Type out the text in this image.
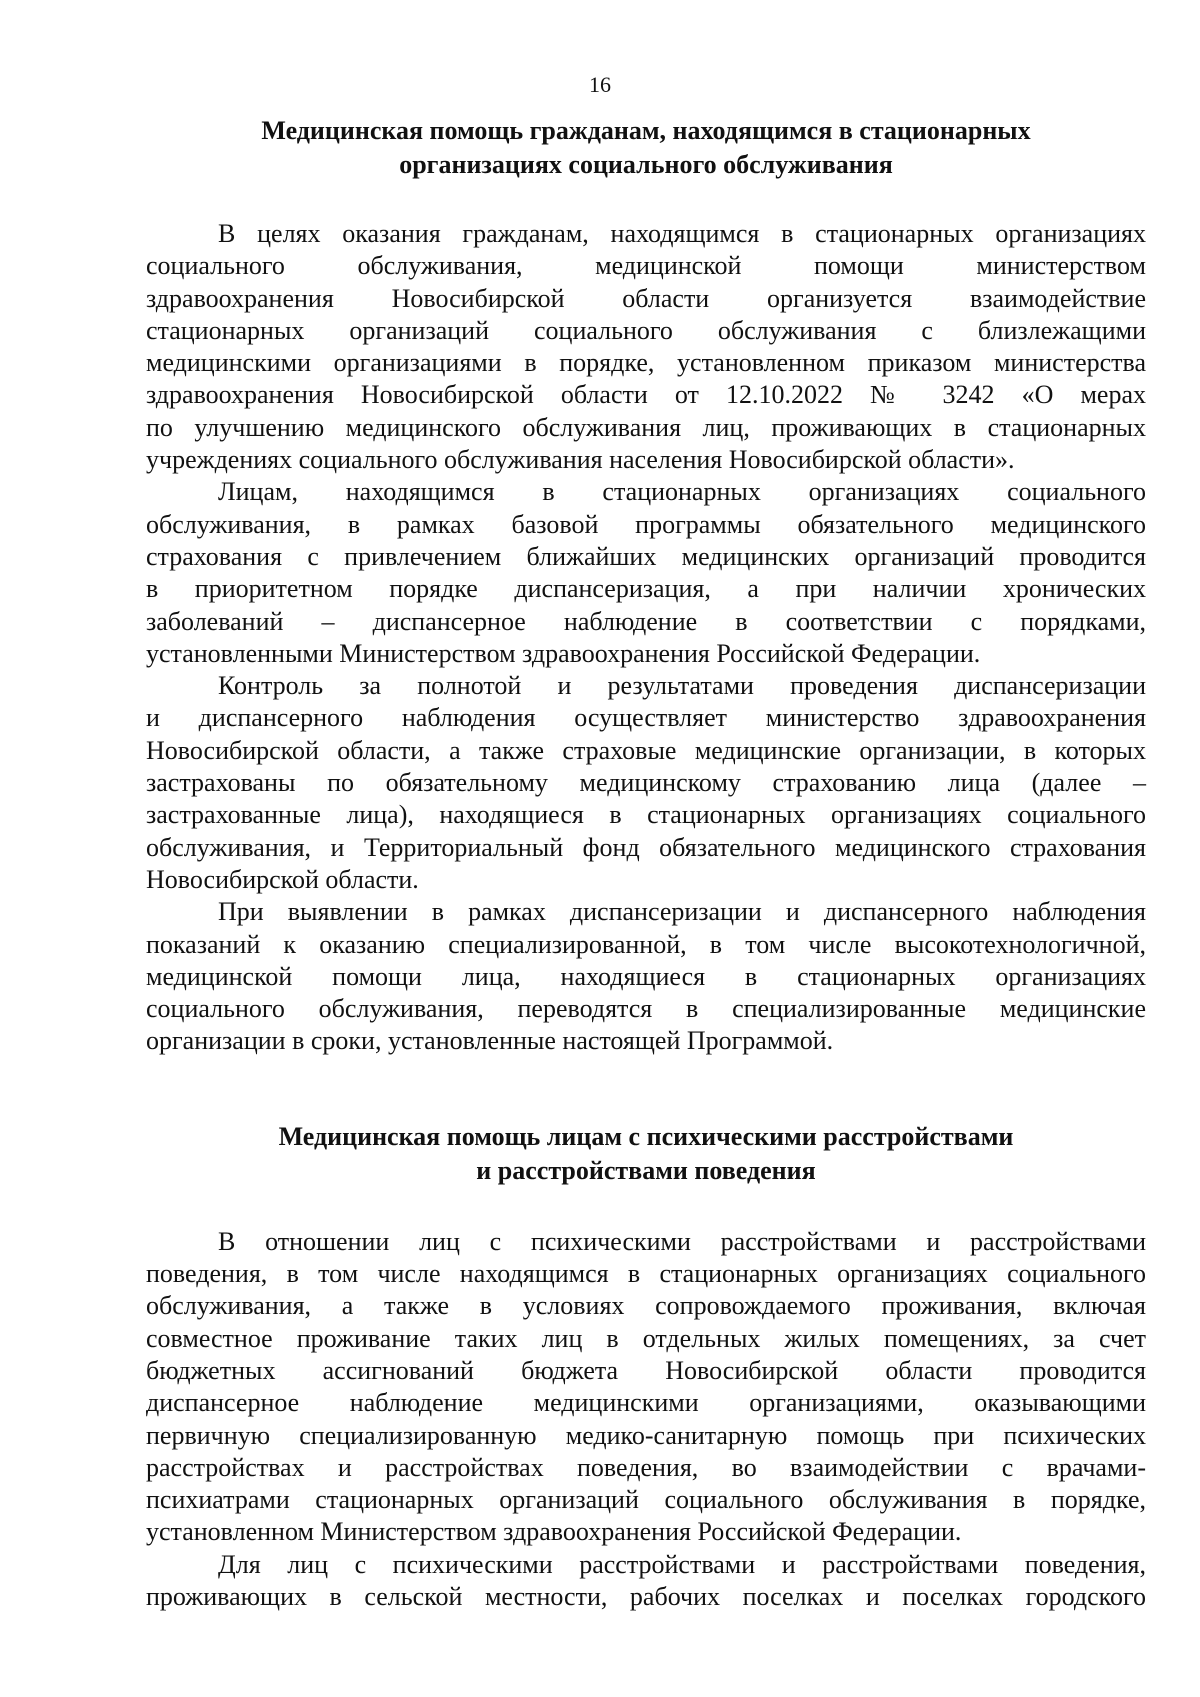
16
Медицинская помощь гражданам, находящимся в стационарных
организациях социального обслуживания

В целях оказания гражданам, находящимся в стационарных организациях
социального обслуживания, медицинской помощи министерством
здравоохранения Новосибирской области организуется взаимодействие
стационарных организаций социального обслуживания с близлежащими
медицинскими организациями в порядке, установленном приказом министерства
здравоохранения Новосибирской области от 12.10.2022 № 3242 «О мерах
по улучшению медицинского обслуживания лиц, проживающих в стационарных
учреждениях социального обслуживания населения Новосибирской области».

Лицам, находящимся в стационарных организациях социального
обслуживания, в рамках базовой программы обязательного медицинского
страхования с привлечением ближайших медицинских организаций проводится
в приоритетном порядке диспансеризация, а при наличии хронических
заболеваний – диспансерное наблюдение в соответствии с порядками,
установленными Министерством здравоохранения Российской Федерации.

Контроль за полнотой и результатами проведения диспансеризации
и диспансерного наблюдения осуществляет министерство здравоохранения
Новосибирской области, а также страховые медицинские организации, в которых
застрахованы по обязательному медицинскому страхованию лица (далее –
застрахованные лица), находящиеся в стационарных организациях социального
обслуживания, и Территориальный фонд обязательного медицинского страхования
Новосибирской области.

При выявлении в рамках диспансеризации и диспансерного наблюдения
показаний к оказанию специализированной, в том числе высокотехнологичной,
медицинской помощи лица, находящиеся в стационарных организациях
социального обслуживания, переводятся в специализированные медицинские
организации в сроки, установленные настоящей Программой.

Медицинская помощь лицам с психическими расстройствами
и расстройствами поведения

В отношении лиц с психическими расстройствами и расстройствами
поведения, в том числе находящимся в стационарных организациях социального
обслуживания, а также в условиях сопровождаемого проживания, включая
совместное проживание таких лиц в отдельных жилых помещениях, за счет
бюджетных ассигнований бюджета Новосибирской области проводится
диспансерное наблюдение медицинскими организациями, оказывающими
первичную специализированную медико-санитарную помощь при психических
расстройствах и расстройствах поведения, во взаимодействии с врачами-
психиатрами стационарных организаций социального обслуживания в порядке,
установленном Министерством здравоохранения Российской Федерации.

Для лиц с психическими расстройствами и расстройствами поведения,
проживающих в сельской местности, рабочих поселках и поселках городского
